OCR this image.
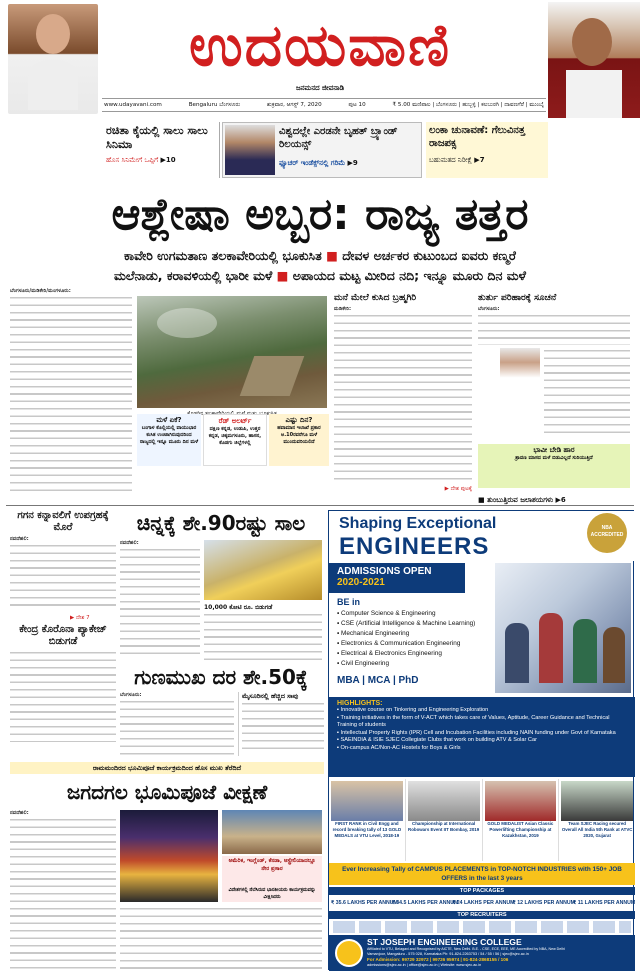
ಉದಯವಾಣಿ
ಜನಮನದ ಜೀವನಾಡಿ
www.udayavani.com	Bengaluru ಬೆಂಗಳೂರು	ಶುಕ್ರವಾರ, ಆಗಸ್ಟ್ 7, 2020	ಪುಟ 10	₹ 5.00 ಮಣಿಪಾಲ | ಬೆಂಗಳೂರು | ಹುಬ್ಬಳ್ಳಿ | ಕಲಬುರಗಿ | ದಾವಣಗೆರೆ | ಮುಂಬೈ
ರಚಿತಾ ಕೈಯಲ್ಲಿ ಸಾಲು ಸಾಲು ಸಿನಿಮಾ
ಹೊಸ ಸಿನಿಮೇಗೆ ಒಪ್ಪಿಗೆ ▶10
ವಿಶ್ವದಲ್ಲೇ ಎರಡನೇ ಬೃಹತ್ ಬ್ರ್ಯಾಂಡ್ ರಿಲಯನ್ಸ್
ಫ್ಯೂಚರ್ ಇಂಡೆಕ್ಸ್‌ನಲ್ಲಿ ಗರಿಮೆ ▶9
ಲಂಕಾ ಚುನಾವಣೆ: ಗೆಲುವಿನತ್ತ ರಾಜಪಕ್ಸ
ಬಹುಮತದ ನಿರೀಕ್ಷೆ ▶7
ಆಶ್ಲೇಷಾ ಅಬ್ಬರ: ರಾಜ್ಯ ತತ್ತರ
ಕಾವೇರಿ ಉಗಮತಾಣ ತಲಕಾವೇರಿಯಲ್ಲಿ ಭೂಕುಸಿತ ■ ದೇವಳ ಅರ್ಚಕರ ಕುಟುಂಬದ ಐವರು ಕಣ್ಮರೆ
ಮಲೆನಾಡು, ಕರಾವಳಿಯಲ್ಲಿ ಭಾರೀ ಮಳೆ ■ ಅಪಾಯದ ಮಟ್ಟ ಮೀರಿದ ನದಿ; ಇನ್ನೂ ಮೂರು ದಿನ ಮಳೆ
ಬೆಂಗಳೂರು/ಮಡಿಕೇರಿ/ಮಂಗಳೂರು:
ಭೂಕುಸಿತ
ಮಳೆ ಏಕೆ?
ಬಂಗಾಳ ಕೊಲ್ಲಿಯಲ್ಲಿ ವಾಯುಭಾರ ಕುಸಿತ ಉಂಟಾಗಿರುವುದರಿಂದ ರಾಜ್ಯದಲ್ಲಿ ಇನ್ನೂ ಮೂರು ದಿನ ಮಳೆ
ರೆಡ್ ಅಲರ್ಟ್
ದಕ್ಷಿಣ ಕನ್ನಡ, ಉಡುಪಿ, ಉತ್ತರ ಕನ್ನಡ, ಚಿಕ್ಕಮಗಳೂರು, ಹಾಸನ, ಕೊಡಗು ಜಿಲ್ಲೆಗಳಲ್ಲಿ
ಎಷ್ಟು ದಿನ?
ಹವಾಮಾನ ಇಲಾಖೆ ಪ್ರಕಾರ ಆ.10ರವರೆಗೂ ಮಳೆ ಮುಂದುವರಿಯಲಿದೆ
ಮನೆ ಮೇಲೆ ಕುಸಿದ ಬ್ರಹ್ಮಗಿರಿ
ಮಡಿಕೇರಿ:
▶ ದೇಶ ಪುಟಕ್ಕೆ
ತುರ್ತು ಪರಿಹಾರಕ್ಕೆ ಸೂಚನೆ
ಬೆಂಗಳೂರು:
ಭಾವೀ ಬೇಡಿ ಹಾರ
ಶ್ರಾವಣ ಮಾಸದ ಮಳೆ ಬಿಡುವಿಲ್ಲದೆ ಸುರಿಯುತ್ತಿದೆ
■ ತುಂಬುತ್ತಿರುವ ಜಲಾಶಯಗಳು ▶6
ಗಗನ ಕನ್ನಾವಲಿಗೆ ಉಪಗ್ರಹಕ್ಕೆ ಮೊರೆ
ನವದೆಹಲಿ:
▶ ದೇಶ 7
ಕೇಂದ್ರ ಕೊರೊನಾ ಪ್ಯಾಕೇಜ್ ಬಿಡುಗಡೆ
ಚಿನ್ನಕ್ಕೆ ಶೇ.90ರಷ್ಟು ಸಾಲ
ನವದೆಹಲಿ:
10,000 ಕೋಟಿ ರೂ. ಬಿಡುಗಡೆ
ಗುಣಮುಖ ದರ ಶೇ.50ಕ್ಕೆ
ಬೆಂಗಳೂರು:	ಮೈಸೂರಿನಲ್ಲಿ ಹೆಚ್ಚಿದ ಸಾವು
ರಾಮಮಂದಿರದ ಭೂಮಿಪೂಜೆ ಕಾರ್ಯಕ್ರಮದಿಂದ ಹೊಸ ಮುಖ ತೆರೆದಿದೆ
ಜಗದಗಲ ಭೂಮಿಪೂಜೆ ವೀಕ್ಷಣೆ
ನವದೆಹಲಿ:
ಅಮೆರಿಕ, ಇಂಗ್ಲೆಂಡ್, ಕೆನಡಾ, ಆಸ್ಟ್ರೇಲಿಯಾದಲ್ಲೂ ನೇರ ಪ್ರಸಾರ
ವಿದೇಶಗಳಲ್ಲಿ ನೆಲೆಸಿರುವ ಭಾರತೀಯರು ಕಾರ್ಯಕ್ರಮವನ್ನು ವೀಕ್ಷಿಸಿದರು
Shaping Exceptional
ENGINEERS
NBA ACCREDITED
ADMISSIONS OPEN
2020-2021
BE in
▪ Computer Science & Engineering
▪ CSE (Artificial Intelligence & Machine Learning)
▪ Mechanical Engineering
▪ Electronics & Communication Engineering
▪ Electrical & Electronics Engineering
▪ Civil Engineering
MBA | MCA | PhD
HIGHLIGHTS:
▪ Innovative course on Tinkering and Engineering Exploration
▪ Training initiatives in the form of V-ACT which takes care of Values, Aptitude, Career Guidance and Technical Training of students
▪ Intellectual Property Rights (IPR) Cell and Incubation Facilities including NAIN funding under Govt of Karnataka
▪ SAEINDIA & ISIE SJEC Collegiate Clubs that work on building ATV & Solar Car
▪ On-campus AC/Non-AC Hostels for Boys & Girls
FIRST RANK in Civil Engg and record breaking tally of 13 GOLD MEDALS at VTU Level, 2018-19
Championship at International Robowars Event IIT Bombay, 2019
GOLD MEDALIST Asian Classic Powerlifting Championship at Kazakhstan, 2019
Team SJEC Racing secured Overall All India 5th Rank at ATVC 2020, Gujarat
Ever Increasing Tally of CAMPUS PLACEMENTS in TOP-NOTCH INDUSTRIES with 150+ JOB OFFERS in the last 3 years
TOP PACKAGES
₹ 35.6 LAKHS PER ANNUM
₹ 34.5 LAKHS PER ANNUM
₹ 24 LAKHS PER ANNUM
₹ 12 LAKHS PER ANNUM
₹ 11 LAKHS PER ANNUM
TOP RECRUITERS
ST JOSEPH ENGINEERING COLLEGE
Affiliated to VTU, Belagavi and Recognised by AICTE, New Delhi. B.E. - CSE, ECE, EEE, ME Accredited by NBA, New Delhi
Vamanjoor, Mangaluru - 575 028, Karnataka Ph: 91-824-2263753 / 54 / 55 / 56 | sjec@sjec.ac.in
For Admission: 99729 32972 | 99726 95974 | 91-824-2868155 / 106
admissions@sjec.ac.in | office@sjec.ac.in | Website: www.sjec.ac.in
